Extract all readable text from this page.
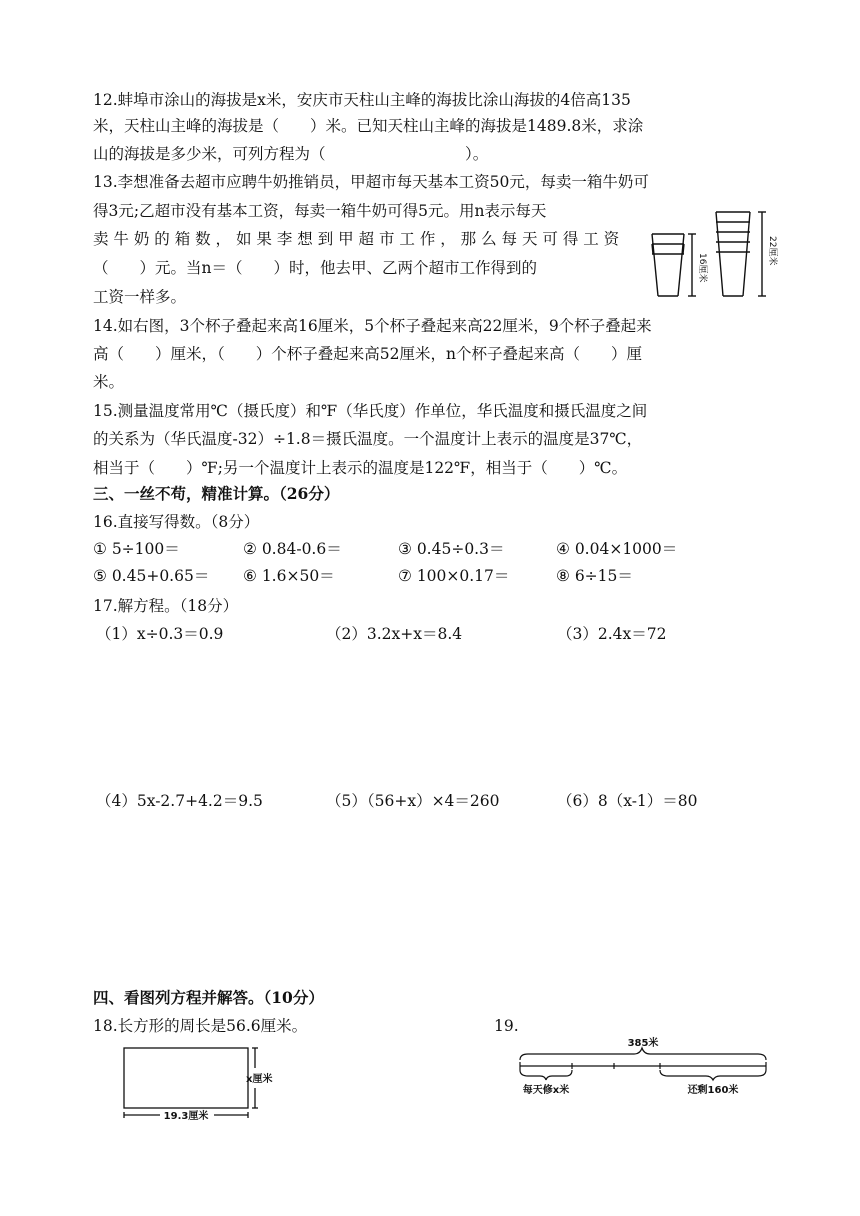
12.蚌埠市涂山的海拔是x米，安庆市天柱山主峰的海拔比涂山海拔的4倍高135
米，天柱山主峰的海拔是（　　）米。已知天柱山主峰的海拔是1489.8米，求涂
山的海拔是多少米，可列方程为（　　　　　　　　　）。
13.李想准备去超市应聘牛奶推销员，甲超市每天基本工资50元，每卖一箱牛奶可
得3元;乙超市没有基本工资，每卖一箱牛奶可得5元。用n表示每天
卖 牛 奶 的 箱 数 ， 如 果 李 想 到 甲 超 市 工 作 ， 那 么 每 天 可 得 工 资
（　　）元。当n＝（　　）时，他去甲、乙两个超市工作得到的
工资一样多。
16厘米
22厘米
14.如右图，3个杯子叠起来高16厘米，5个杯子叠起来高22厘米，9个杯子叠起来
高（　　）厘米，（　　）个杯子叠起来高52厘米，n个杯子叠起来高（　　）厘
米。
15.测量温度常用℃（摄氏度）和℉（华氏度）作单位，华氏温度和摄氏温度之间
的关系为（华氏温度-32）÷1.8＝摄氏温度。一个温度计上表示的温度是37℃，
相当于（　　）℉;另一个温度计上表示的温度是122℉，相当于（　　）℃。
三、一丝不苟，精准计算。（26分）
16.直接写得数。（8分）
① 5÷100＝	② 0.84-0.6＝	③ 0.45÷0.3＝	④ 0.04×1000＝
⑤ 0.45+0.65＝ ⑥ 1.6×50＝	⑦ 100×0.17＝	⑧ 6÷15＝
17.解方程。（18分）
（1）x÷0.3＝0.9	（2）3.2x+x＝8.4	（3）2.4x＝72
（4）5x-2.7+4.2＝9.5	（5）（56+x）×4＝260	（6）8（x-1）＝80
四、看图列方程并解答。（10分）
18.长方形的周长是56.6厘米。
19.3厘米
x厘米
19.
385米
每天修x米	还剩160米
